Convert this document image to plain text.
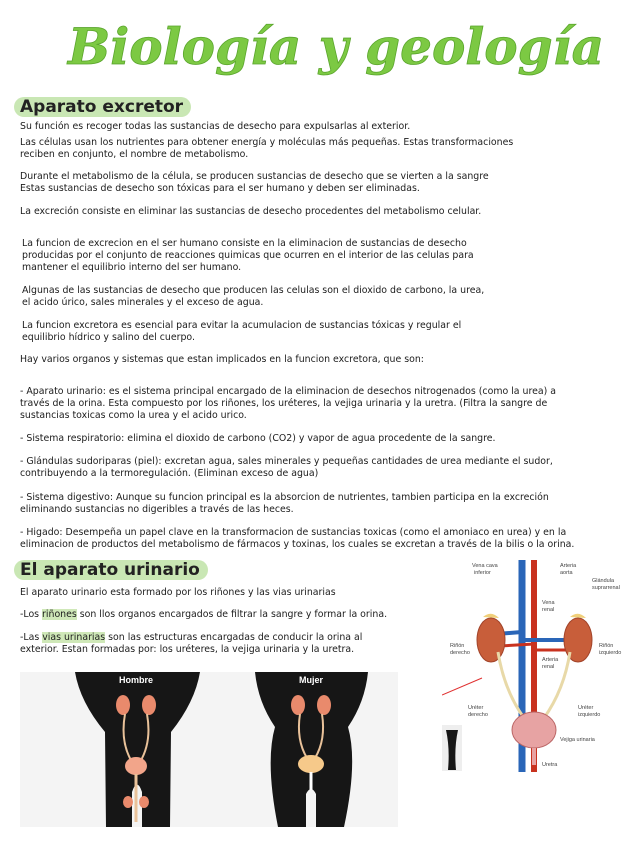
Biología y geología
Aparato excretor
Su función es recoger todas las sustancias de desecho para expulsarlas al exterior.
Las células usan los nutrientes para obtener energía y moléculas más pequeñas. Estas transformaciones
reciben en conjunto, el nombre de metabolismo.
Durante el metabolismo de la célula, se producen sustancias de desecho que se vierten a la sangre
Estas sustancias de desecho son tóxicas para el ser humano y deben ser eliminadas.
La excreción consiste en eliminar las sustancias de desecho procedentes del metabolismo celular.
La funcion de excrecion en el ser humano consiste en la eliminacion de sustancias de desecho
producidas por el conjunto de reacciones quimicas que ocurren en el interior de las celulas para
mantener el equilibrio interno del ser humano.
Algunas de las sustancias de desecho que producen las celulas son el dioxido de carbono, la urea,
el acido úrico, sales minerales y el exceso de agua.
La funcion excretora es esencial para evitar la acumulacion de sustancias tóxicas y regular el
equilibrio hídrico y salino del cuerpo.
Hay varios organos y sistemas que estan implicados en la funcion excretora, que son:
- Aparato urinario: es el sistema principal encargado de la eliminacion de desechos nitrogenados (como la urea) a
través de la orina. Esta compuesto por los riñones, los uréteres, la vejiga urinaria y la uretra. (Filtra la sangre de
sustancias toxicas como la urea y el acido urico.
- Sistema respiratorio: elimina el dioxido de carbono (CO2) y vapor de agua procedente de la sangre.
- Glándulas sudoriparas (piel): excretan agua, sales minerales y pequeñas cantidades de urea mediante el sudor,
contribuyendo a la termoregulación. (Eliminan exceso de agua)
- Sistema digestivo: Aunque su funcion principal es la absorcion de nutrientes, tambien participa en la excreción
eliminando sustancias no digeribles a través de las heces.
- Higado: Desempeña un papel clave en la transformacion de sustancias toxicas (como el amoniaco en urea) y en la
eliminacion de productos del metabolismo de fármacos y toxinas, los cuales se excretan a través de la bilis o la orina.
El aparato urinario
El aparato urinario esta formado por los riñones y las vias urinarias
-Los riñones son llos organos encargados de filtrar la sangre y formar la orina.
-Las vias urinarias son las estructuras encargadas de conducir la orina al
exterior. Estan formadas por: los uréteres, la vejiga urinaria y la uretra.
Hombre	Mujer
Vena cava
inferior
Arteria
aorta
Glándula
suprarrenal
Vena
renal
Riñón
derecho
Riñón
izquierdo
Arteria
renal
Uréter
derecho
Uréter
izquierdo
Vejiga urinaria
Uretra
